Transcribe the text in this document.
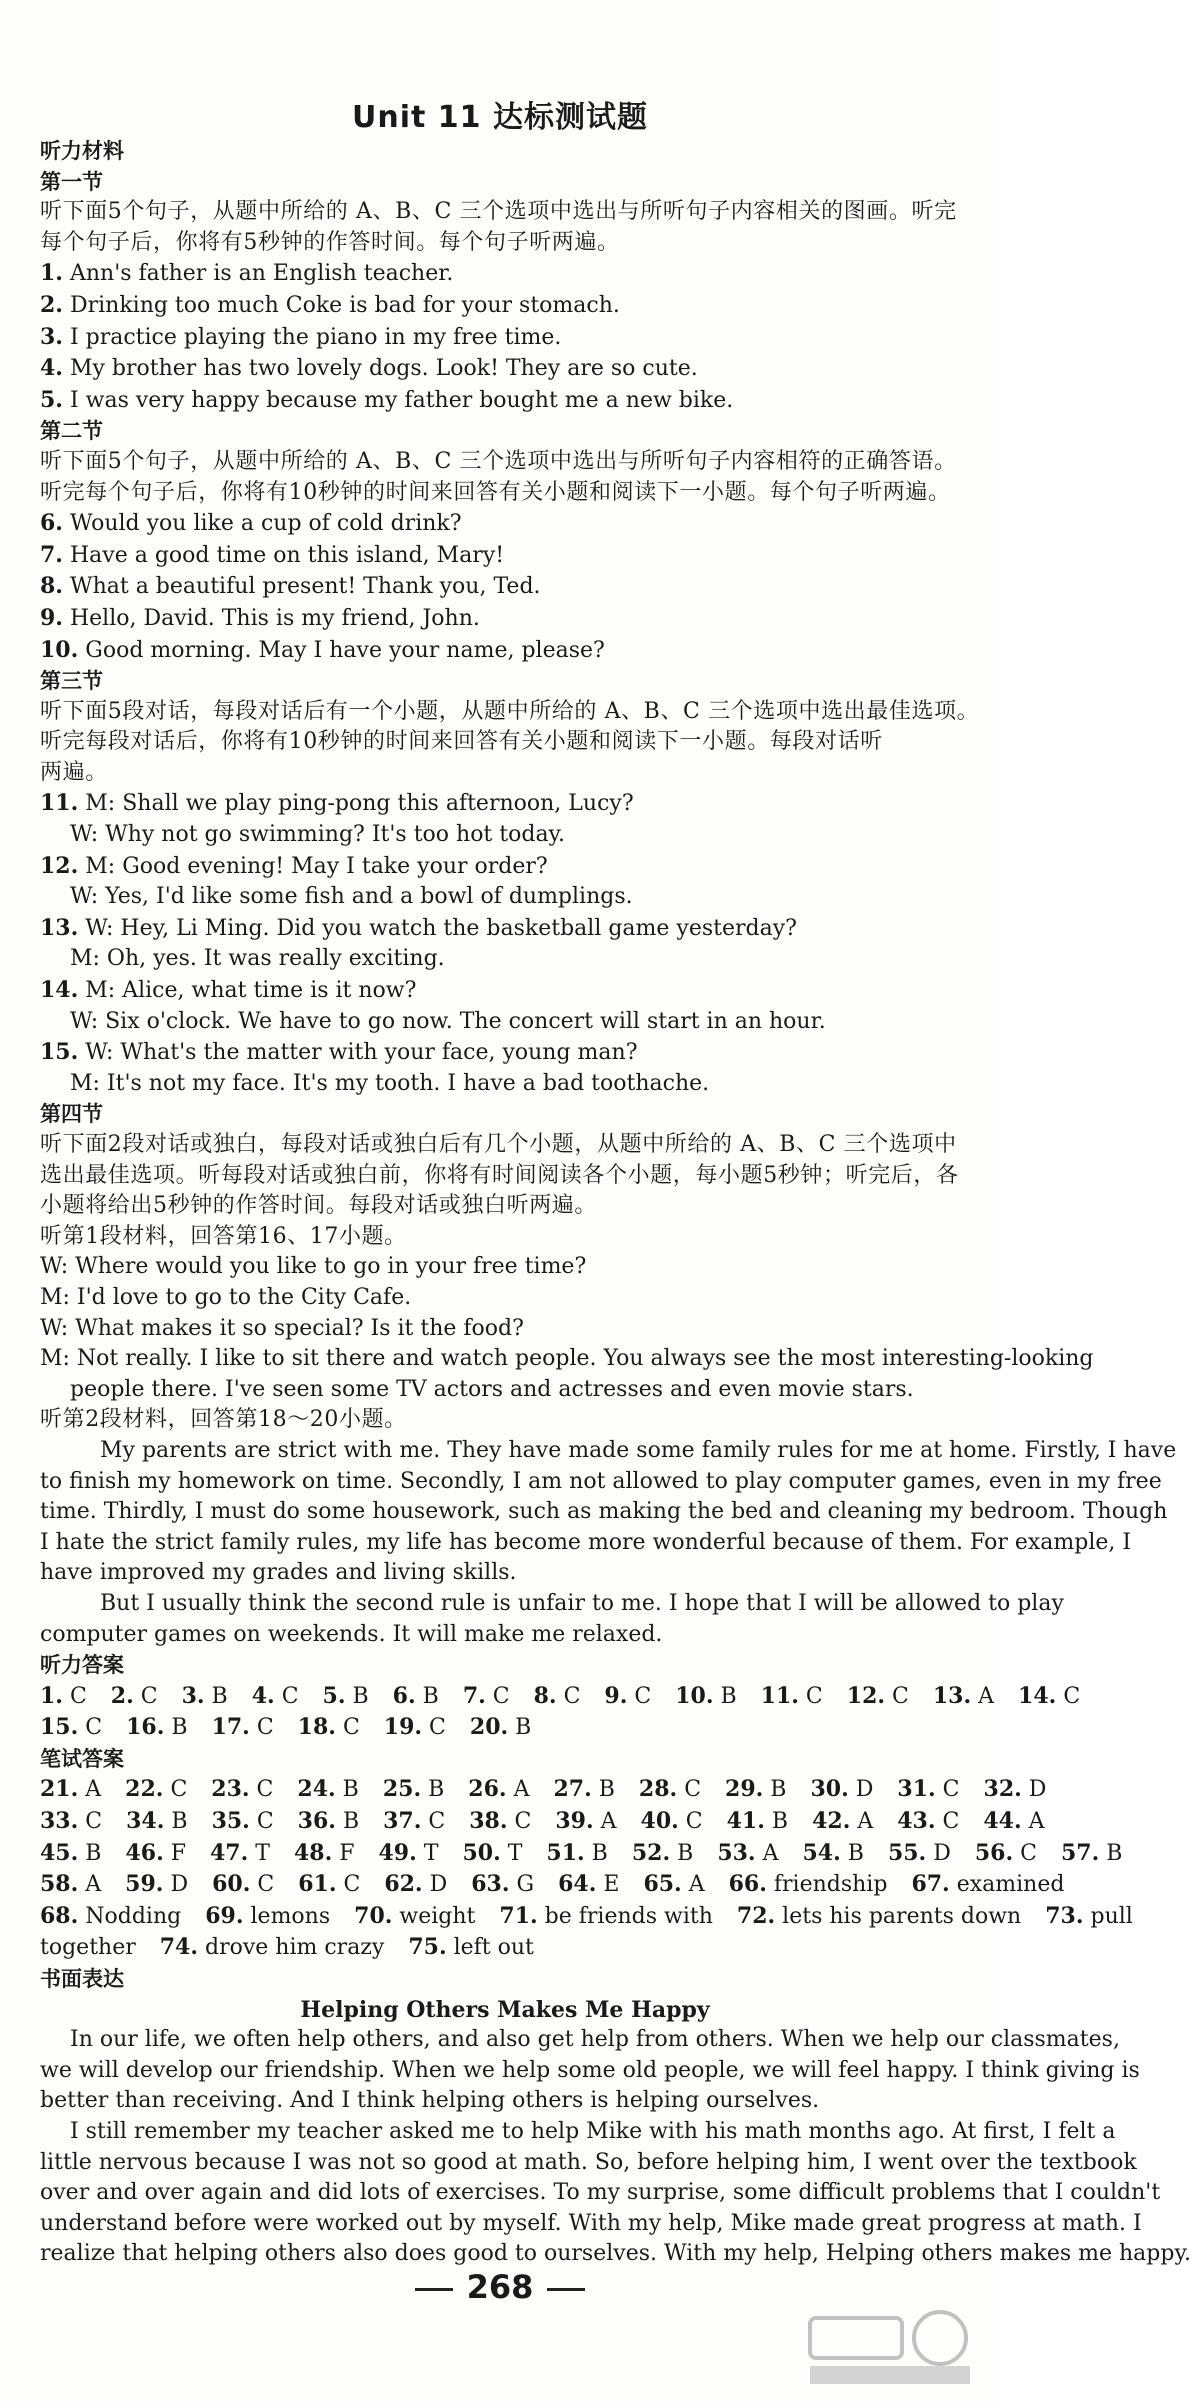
Unit 11 达标测试题
听力材料
第一节
听下面5个句子，从题中所给的 A、B、C 三个选项中选出与所听句子内容相关的图画。听完
每个句子后，你将有5秒钟的作答时间。每个句子听两遍。
1. Ann's father is an English teacher.
2. Drinking too much Coke is bad for your stomach.
3. I practice playing the piano in my free time.
4. My brother has two lovely dogs. Look! They are so cute.
5. I was very happy because my father bought me a new bike.
第二节
听下面5个句子，从题中所给的 A、B、C 三个选项中选出与所听句子内容相符的正确答语。
听完每个句子后，你将有10秒钟的时间来回答有关小题和阅读下一小题。每个句子听两遍。
6. Would you like a cup of cold drink?
7. Have a good time on this island, Mary!
8. What a beautiful present! Thank you, Ted.
9. Hello, David. This is my friend, John.
10. Good morning. May I have your name, please?
第三节
听下面5段对话，每段对话后有一个小题，从题中所给的 A、B、C 三个选项中选出最佳选项。
听完每段对话后，你将有10秒钟的时间来回答有关小题和阅读下一小题。每段对话听
两遍。
11. M: Shall we play ping-pong this afternoon, Lucy?
W: Why not go swimming? It's too hot today.
12. M: Good evening! May I take your order?
W: Yes, I'd like some fish and a bowl of dumplings.
13. W: Hey, Li Ming. Did you watch the basketball game yesterday?
M: Oh, yes. It was really exciting.
14. M: Alice, what time is it now?
W: Six o'clock. We have to go now. The concert will start in an hour.
15. W: What's the matter with your face, young man?
M: It's not my face. It's my tooth. I have a bad toothache.
第四节
听下面2段对话或独白，每段对话或独白后有几个小题，从题中所给的 A、B、C 三个选项中
选出最佳选项。听每段对话或独白前，你将有时间阅读各个小题，每小题5秒钟；听完后，各
小题将给出5秒钟的作答时间。每段对话或独白听两遍。
听第1段材料，回答第16、17小题。
W: Where would you like to go in your free time?
M: I'd love to go to the City Cafe.
W: What makes it so special? Is it the food?
M: Not really. I like to sit there and watch people. You always see the most interesting-looking
people there. I've seen some TV actors and actresses and even movie stars.
听第2段材料，回答第18～20小题。
My parents are strict with me. They have made some family rules for me at home. Firstly, I have
to finish my homework on time. Secondly, I am not allowed to play computer games, even in my free
time. Thirdly, I must do some housework, such as making the bed and cleaning my bedroom. Though
I hate the strict family rules, my life has become more wonderful because of them. For example, I
have improved my grades and living skills.
But I usually think the second rule is unfair to me. I hope that I will be allowed to play
computer games on weekends. It will make me relaxed.
听力答案
1. C 2. C 3. B 4. C 5. B 6. B 7. C 8. C 9. C 10. B 11. C 12. C 13. A 14. C
15. C 16. B 17. C 18. C 19. C 20. B
笔试答案
21. A 22. C 23. C 24. B 25. B 26. A 27. B 28. C 29. B 30. D 31. C 32. D
33. C 34. B 35. C 36. B 37. C 38. C 39. A 40. C 41. B 42. A 43. C 44. A
45. B 46. F 47. T 48. F 49. T 50. T 51. B 52. B 53. A 54. B 55. D 56. C 57. B
58. A 59. D 60. C 61. C 62. D 63. G 64. E 65. A 66. friendship 67. examined
68. Nodding 69. lemons 70. weight 71. be friends with 72. lets his parents down 73. pull
together 74. drove him crazy 75. left out
书面表达
Helping Others Makes Me Happy
In our life, we often help others, and also get help from others. When we help our classmates,
we will develop our friendship. When we help some old people, we will feel happy. I think giving is
better than receiving. And I think helping others is helping ourselves.
I still remember my teacher asked me to help Mike with his math months ago. At first, I felt a
little nervous because I was not so good at math. So, before helping him, I went over the textbook
over and over again and did lots of exercises. To my surprise, some difficult problems that I couldn't
understand before were worked out by myself. With my help, Mike made great progress at math. I
realize that helping others also does good to ourselves. With my help, Helping others makes me happy.
268
